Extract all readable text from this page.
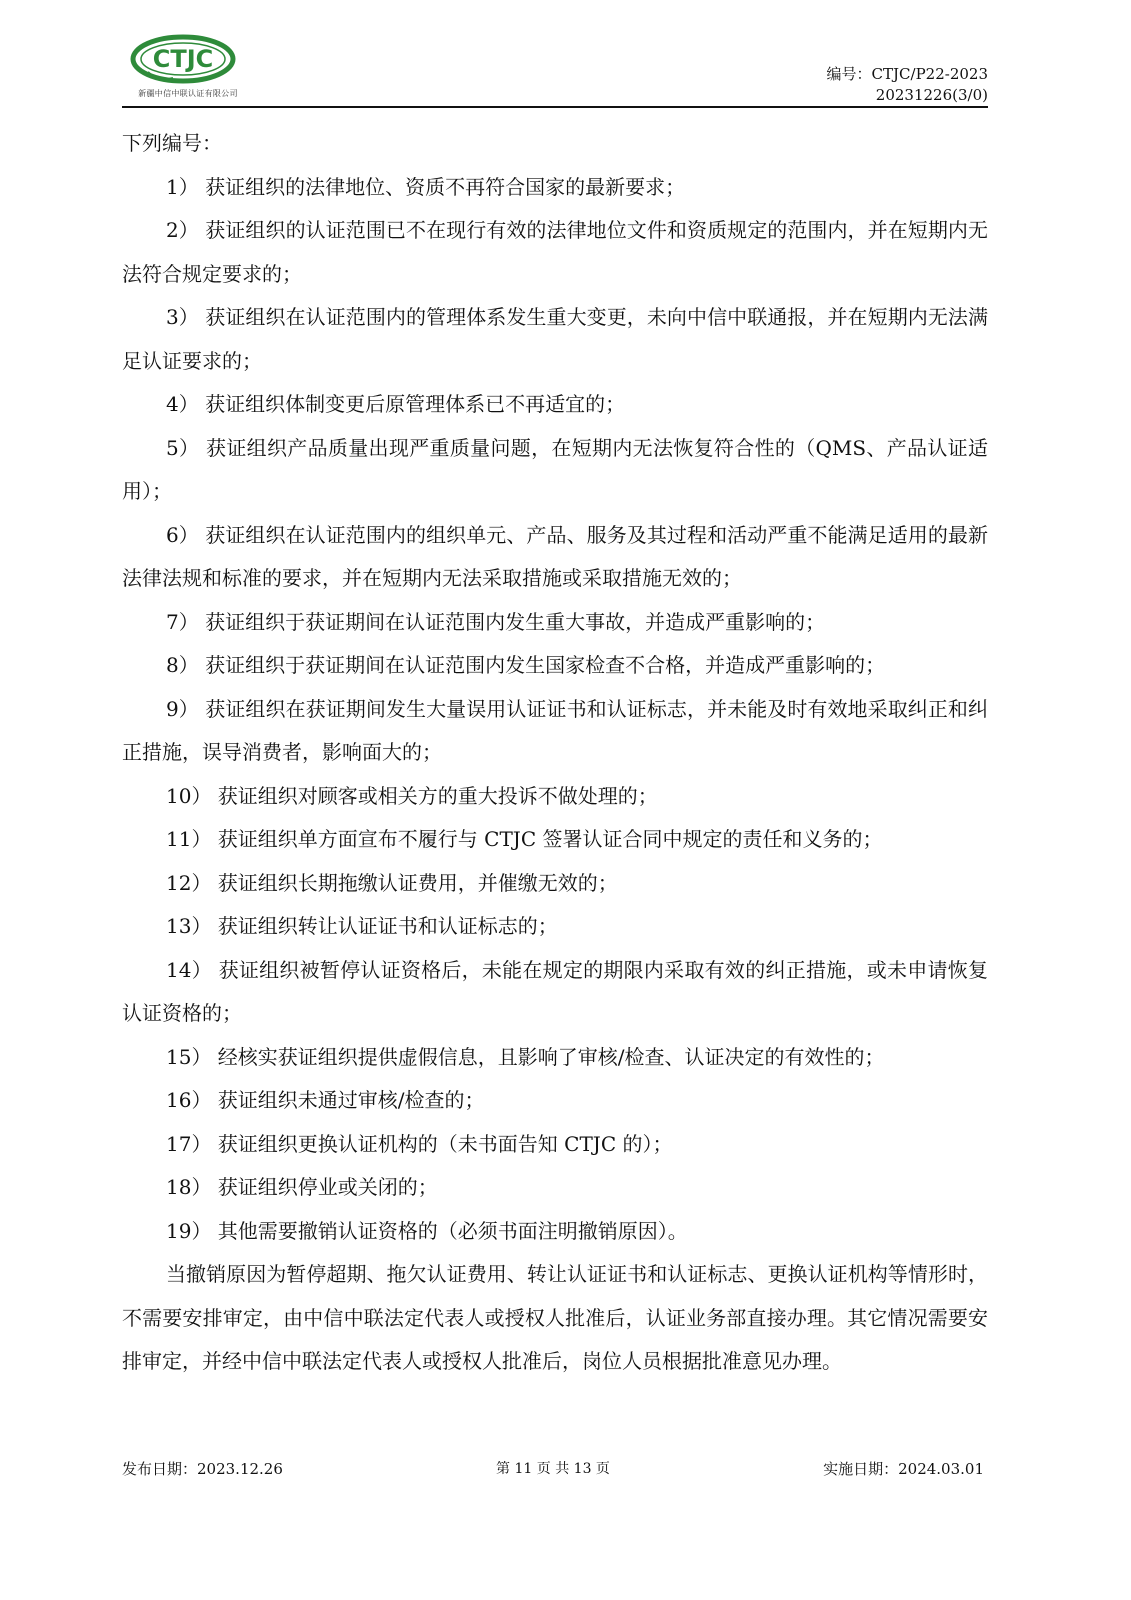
CTJC
新疆中信中联认证有限公司
编号：CTJC/P22-2023
20231226(3/0)

下列编号：

1） 获证组织的法律地位、资质不再符合国家的最新要求；

2） 获证组织的认证范围已不在现行有效的法律地位文件和资质规定的范围内，并在短期内无法符合规定要求的；

3） 获证组织在认证范围内的管理体系发生重大变更，未向中信中联通报，并在短期内无法满足认证要求的；

4） 获证组织体制变更后原管理体系已不再适宜的；

5） 获证组织产品质量出现严重质量问题，在短期内无法恢复符合性的（QMS、产品认证适用）；

6） 获证组织在认证范围内的组织单元、产品、服务及其过程和活动严重不能满足适用的最新法律法规和标准的要求，并在短期内无法采取措施或采取措施无效的；

7） 获证组织于获证期间在认证范围内发生重大事故，并造成严重影响的；

8） 获证组织于获证期间在认证范围内发生国家检查不合格，并造成严重影响的；

9） 获证组织在获证期间发生大量误用认证证书和认证标志，并未能及时有效地采取纠正和纠正措施，误导消费者，影响面大的；

10） 获证组织对顾客或相关方的重大投诉不做处理的；

11） 获证组织单方面宣布不履行与 CTJC 签署认证合同中规定的责任和义务的；

12） 获证组织长期拖缴认证费用，并催缴无效的；

13） 获证组织转让认证证书和认证标志的；

14） 获证组织被暂停认证资格后，未能在规定的期限内采取有效的纠正措施，或未申请恢复认证资格的；

15） 经核实获证组织提供虚假信息，且影响了审核/检查、认证决定的有效性的；

16） 获证组织未通过审核/检查的；

17） 获证组织更换认证机构的（未书面告知 CTJC 的）；

18） 获证组织停业或关闭的；

19） 其他需要撤销认证资格的（必须书面注明撤销原因）。

当撤销原因为暂停超期、拖欠认证费用、转让认证证书和认证标志、更换认证机构等情形时，不需要安排审定，由中信中联法定代表人或授权人批准后，认证业务部直接办理。其它情况需要安排审定，并经中信中联法定代表人或授权人批准后，岗位人员根据批准意见办理。

发布日期：2023.12.26	第 11 页 共 13 页	实施日期：2024.03.01
